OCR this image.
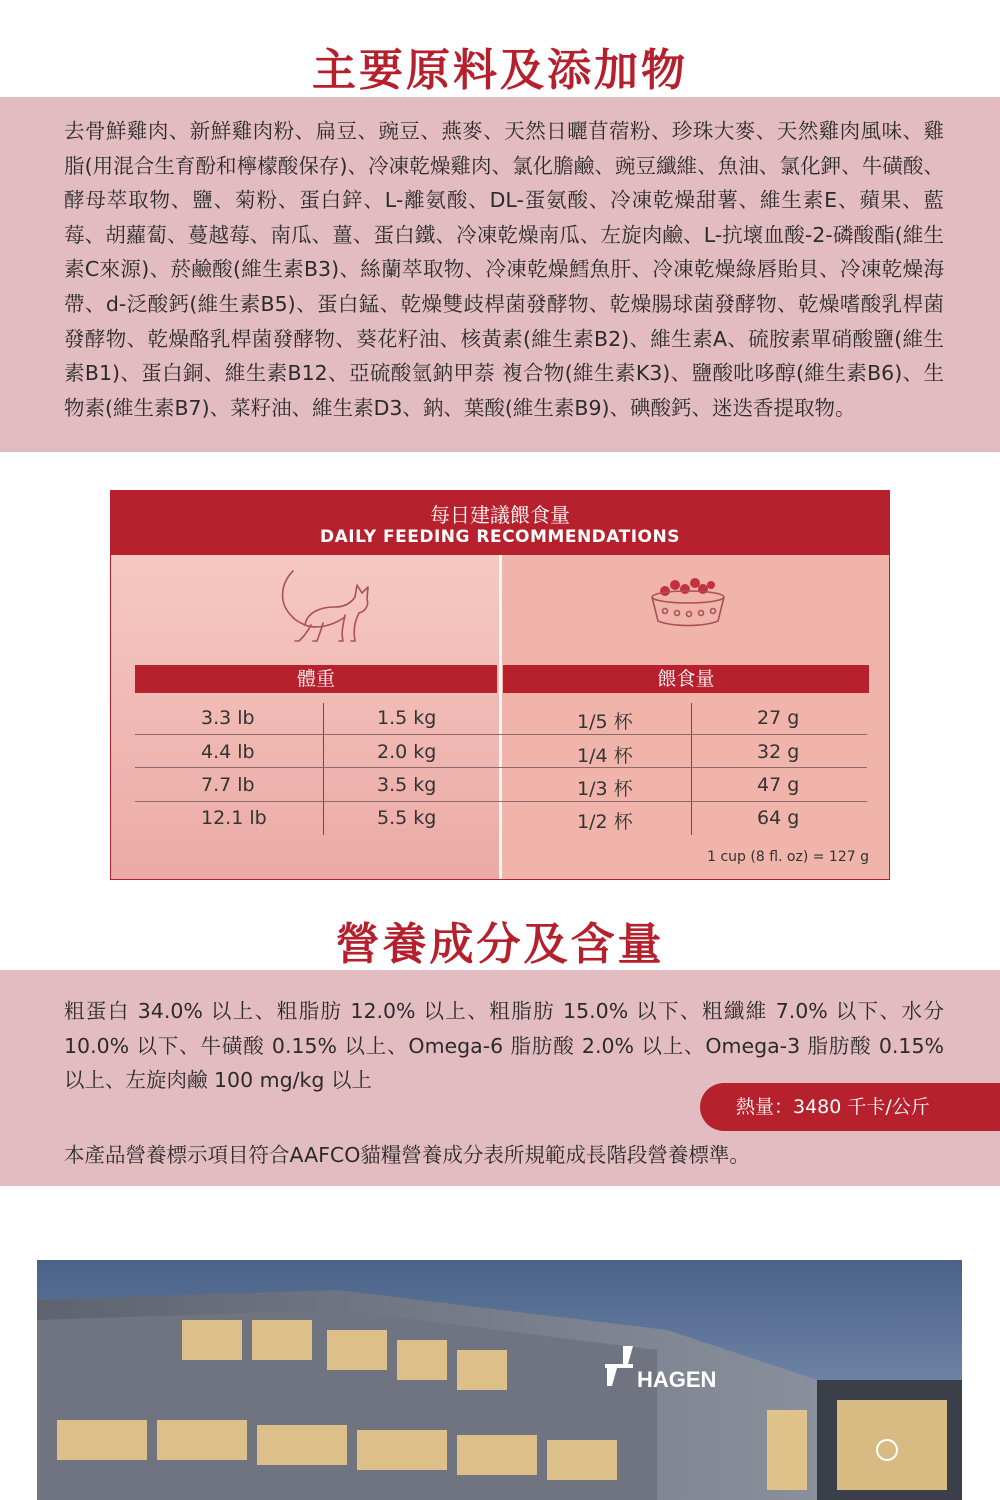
主要原料及添加物
去骨鮮雞肉、新鮮雞肉粉、扁豆、豌豆、燕麥、天然日曬苜蓿粉、珍珠大麥、天然雞肉風味、雞脂(用混合生育酚和檸檬酸保存)、冷凍乾燥雞肉、氯化膽鹼、豌豆纖維、魚油、氯化鉀、牛磺酸、酵母萃取物、鹽、菊粉、蛋白鋅、L-離氨酸、DL-蛋氨酸、冷凍乾燥甜薯、維生素E、蘋果、藍莓、胡蘿蔔、蔓越莓、南瓜、薑、蛋白鐵、冷凍乾燥南瓜、左旋肉鹼、L-抗壞血酸-2-磷酸酯(維生素C來源)、菸鹼酸(維生素B3)、絲蘭萃取物、冷凍乾燥鱈魚肝、冷凍乾燥綠唇貽貝、冷凍乾燥海帶、d-泛酸鈣(維生素B5)、蛋白錳、乾燥雙歧桿菌發酵物、乾燥腸球菌發酵物、乾燥嗜酸乳桿菌發酵物、乾燥酪乳桿菌發酵物、葵花籽油、核黃素(維生素B2)、維生素A、硫胺素單硝酸鹽(維生素B1)、蛋白銅、維生素B12、亞硫酸氫鈉甲萘 複合物(維生素K3)、鹽酸吡哆醇(維生素B6)、生物素(維生素B7)、菜籽油、維生素D3、鈉、葉酸(維生素B9)、碘酸鈣、迷迭香提取物。
每日建議餵食量
DAILY FEEDING RECOMMENDATIONS
體重	餵食量
3.3 lb	1.5 kg	1/5 杯	27 g
4.4 lb	2.0 kg	1/4 杯	32 g
7.7 lb	3.5 kg	1/3 杯	47 g
12.1 lb	5.5 kg	1/2 杯	64 g
1 cup (8 fl. oz) = 127 g
營養成分及含量
粗蛋白 34.0% 以上、粗脂肪 12.0% 以上、粗脂肪 15.0% 以下、粗纖維 7.0% 以下、水分 10.0% 以下、牛磺酸 0.15% 以上、Omega-6 脂肪酸 2.0% 以上、Omega-3 脂肪酸 0.15% 以上、左旋肉鹼 100 mg/kg 以上
熱量：3480 千卡/公斤
本產品營養標示項目符合AAFCO貓糧營養成分表所規範成長階段營養標準。
HAGEN
